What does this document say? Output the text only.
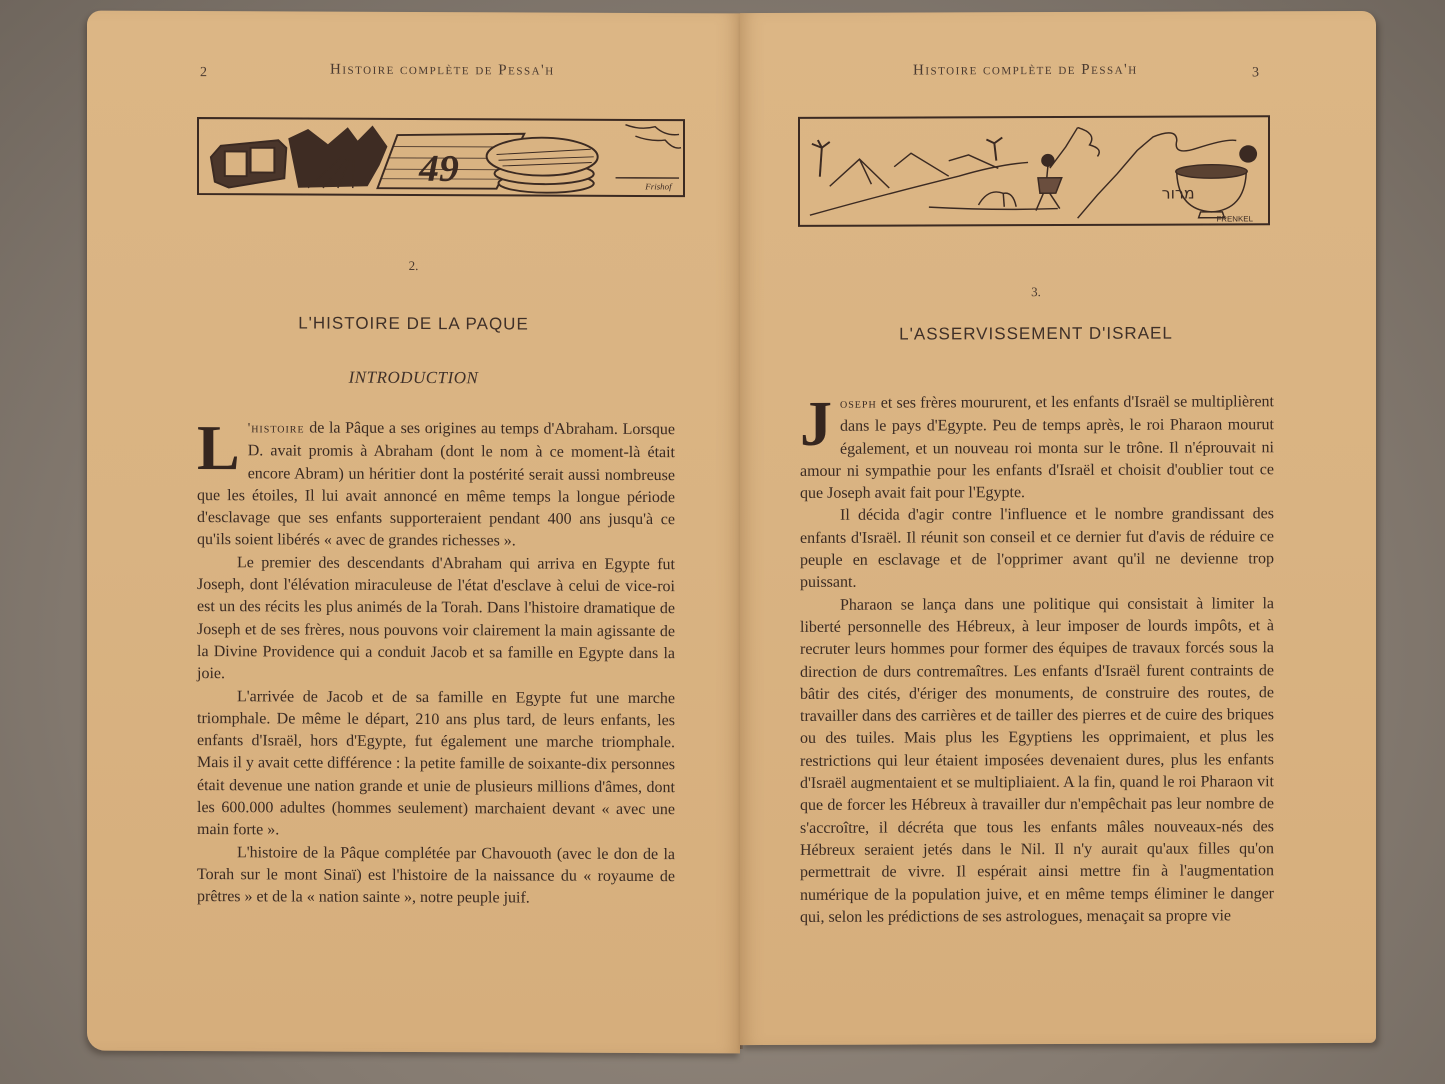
2	Histoire complète de Pessa'h
49	Frishof
2.
L'HISTOIRE DE LA PAQUE
INTRODUCTION

L 'histoire de la Pâque a ses origines au temps d'Abraham. Lorsque D. avait promis à Abraham (dont le nom à ce moment-là était encore Abram) un héritier dont la postérité serait aussi nombreuse que les étoiles, Il lui avait annoncé en même temps la longue période d'esclavage que ses enfants supporteraient pendant 400 ans jusqu'à ce qu'ils soient libérés « avec de grandes richesses ».

Le premier des descendants d'Abraham qui arriva en Egypte fut Joseph, dont l'élévation miraculeuse de l'état d'esclave à celui de vice-roi est un des récits les plus animés de la Torah. Dans l'histoire dramatique de Joseph et de ses frères, nous pouvons voir clairement la main agissante de la Divine Providence qui a conduit Jacob et sa famille en Egypte dans la joie.

L'arrivée de Jacob et de sa famille en Egypte fut une marche triomphale. De même le départ, 210 ans plus tard, de leurs enfants, les enfants d'Israël, hors d'Egypte, fut également une marche triomphale. Mais il y avait cette différence : la petite famille de soixante-dix personnes était devenue une nation grande et unie de plusieurs millions d'âmes, dont les 600.000 adultes (hommes seulement) marchaient devant « avec une main forte ».

L'histoire de la Pâque complétée par Chavouoth (avec le don de la Torah sur le mont Sinaï) est l'histoire de la naissance du « royaume de prêtres » et de la « nation sainte », notre peuple juif.

Histoire complète de Pessa'h	3
מרור
FRENKEL
3.
L'ASSERVISSEMENT D'ISRAEL

Joseph et ses frères moururent, et les enfants d'Israël se multiplièrent dans le pays d'Egypte. Peu de temps après, le roi Pharaon mourut également, et un nouveau roi monta sur le trône. Il n'éprouvait ni amour ni sympathie pour les enfants d'Israël et choisit d'oublier tout ce que Joseph avait fait pour l'Egypte.

Il décida d'agir contre l'influence et le nombre grandissant des enfants d'Israël. Il réunit son conseil et ce dernier fut d'avis de réduire ce peuple en esclavage et de l'opprimer avant qu'il ne devienne trop puissant.

Pharaon se lança dans une politique qui consistait à limiter la liberté personnelle des Hébreux, à leur imposer de lourds impôts, et à recruter leurs hommes pour former des équipes de travaux forcés sous la direction de durs contremaîtres. Les enfants d'Israël furent contraints de bâtir des cités, d'ériger des monuments, de construire des routes, de travailler dans des carrières et de tailler des pierres et de cuire des briques ou des tuiles. Mais plus les Egyptiens les opprimaient, et plus les restrictions qui leur étaient imposées devenaient dures, plus les enfants d'Israël augmentaient et se multipliaient. A la fin, quand le roi Pharaon vit que de forcer les Hébreux à travailler dur n'empêchait pas leur nombre de s'accroître, il décréta que tous les enfants mâles nouveaux-nés des Hébreux seraient jetés dans le Nil. Il n'y aurait qu'aux filles qu'on permettrait de vivre. Il espérait ainsi mettre fin à l'augmentation numérique de la population juive, et en même temps éliminer le danger qui, selon les prédictions de ses astrologues, menaçait sa propre vie
